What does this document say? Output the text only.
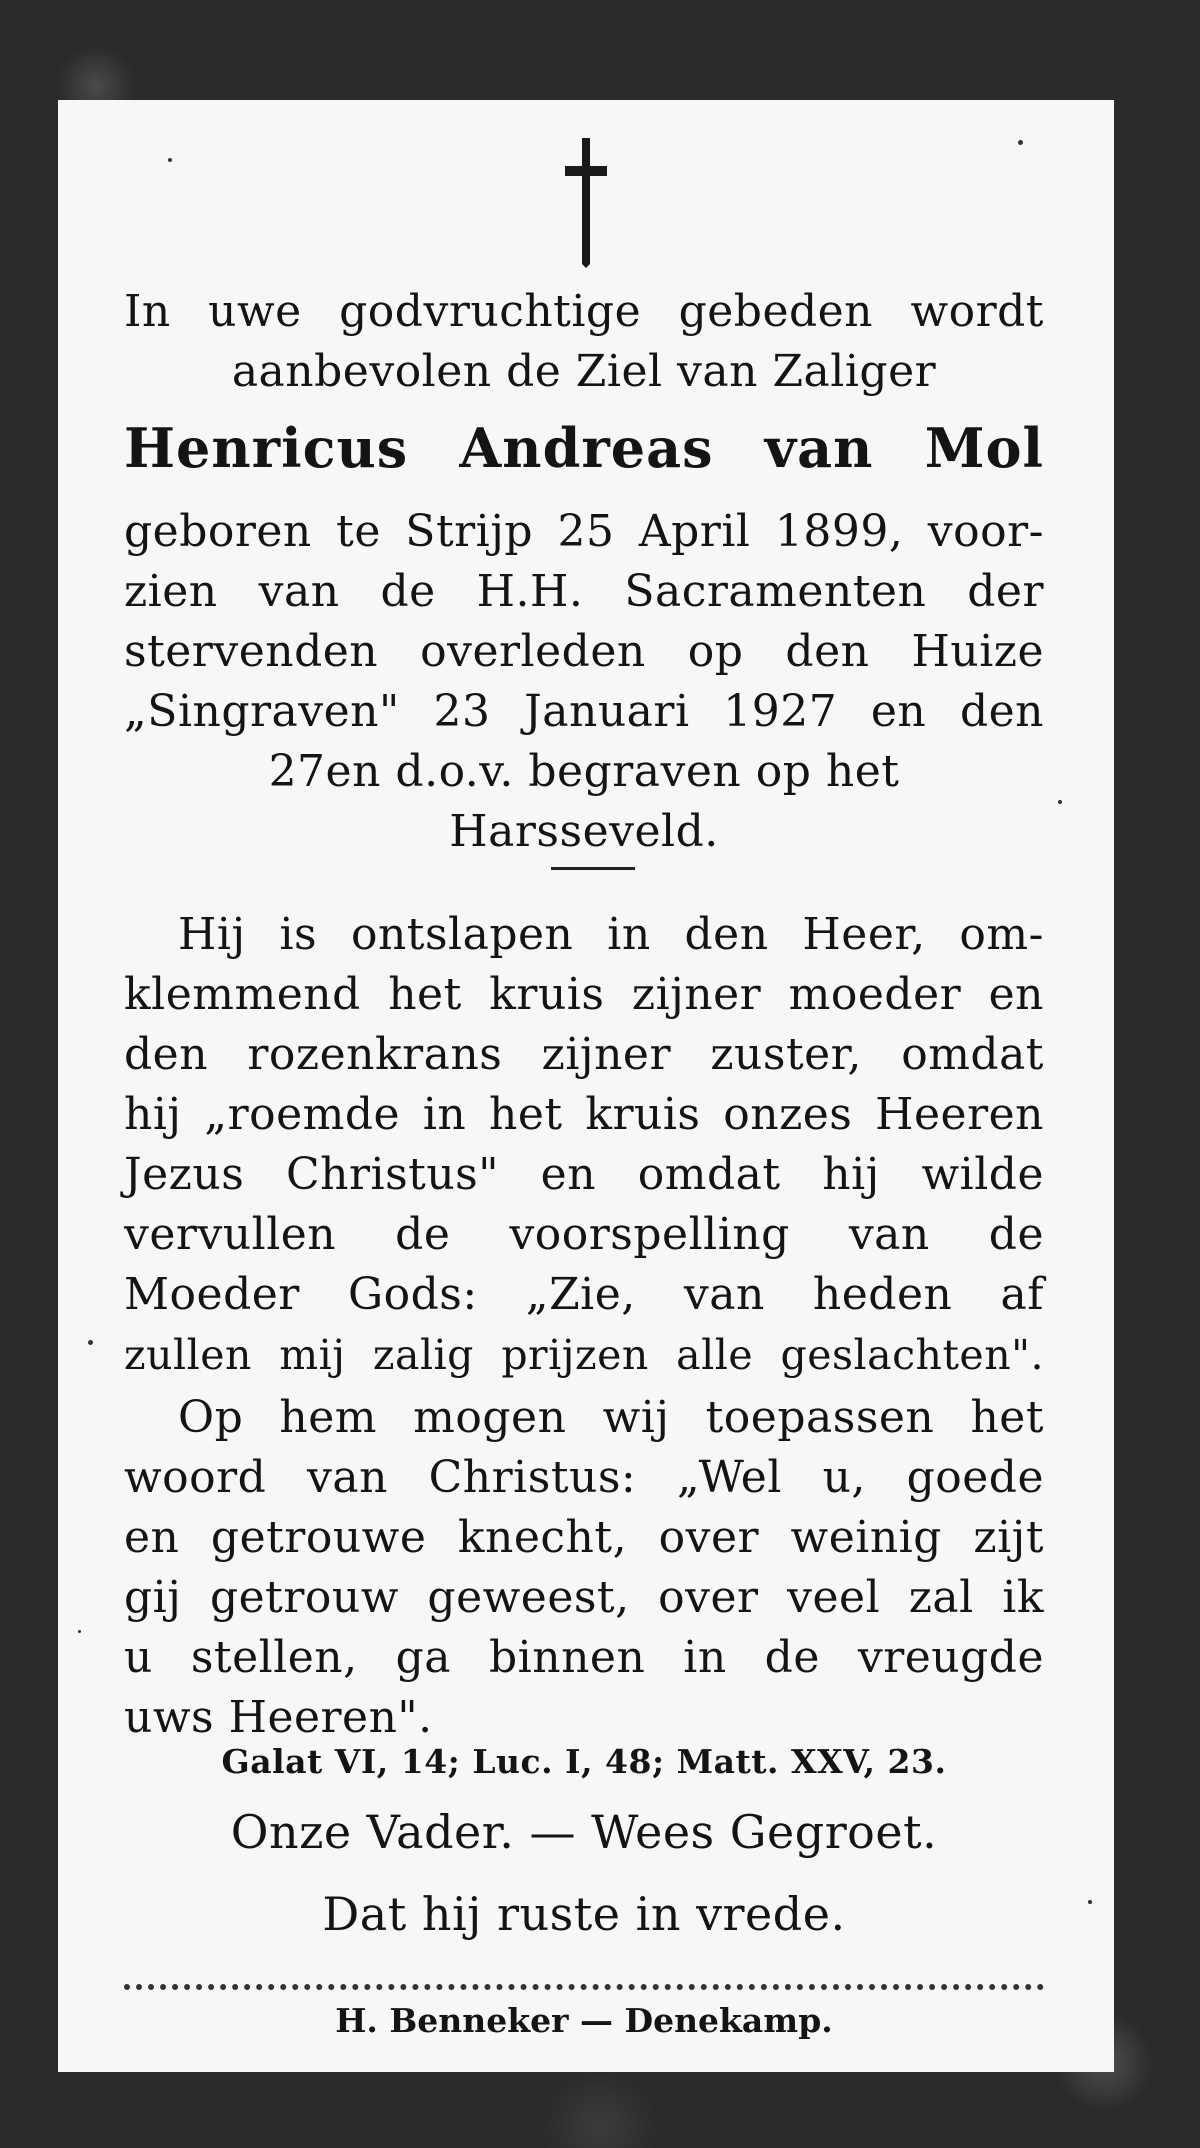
In uwe godvruchtige gebeden wordt
aanbevolen de Ziel van Zaliger
Henricus Andreas van Mol
geboren te Strijp 25 April 1899, voor-
zien van de H.H. Sacramenten der
stervenden overleden op den Huize
„Singraven" 23 Januari 1927 en den
27en d.o.v. begraven op het
Harsseveld.
Hij is ontslapen in den Heer, om-
klemmend het kruis zijner moeder en
den rozenkrans zijner zuster, omdat
hij „roemde in het kruis onzes Heeren
Jezus Christus" en omdat hij wilde
vervullen de voorspelling van de
Moeder Gods: „Zie, van heden af
zullen mij zalig prijzen alle geslachten".
Op hem mogen wij toepassen het
woord van Christus: „Wel u, goede
en getrouwe knecht, over weinig zijt
gij getrouw geweest, over veel zal ik
u stellen, ga binnen in de vreugde
uws Heeren".
Galat VI, 14; Luc. I, 48; Matt. XXV, 23.
Onze Vader. — Wees Gegroet.
Dat hij ruste in vrede.
H. Benneker — Denekamp.
